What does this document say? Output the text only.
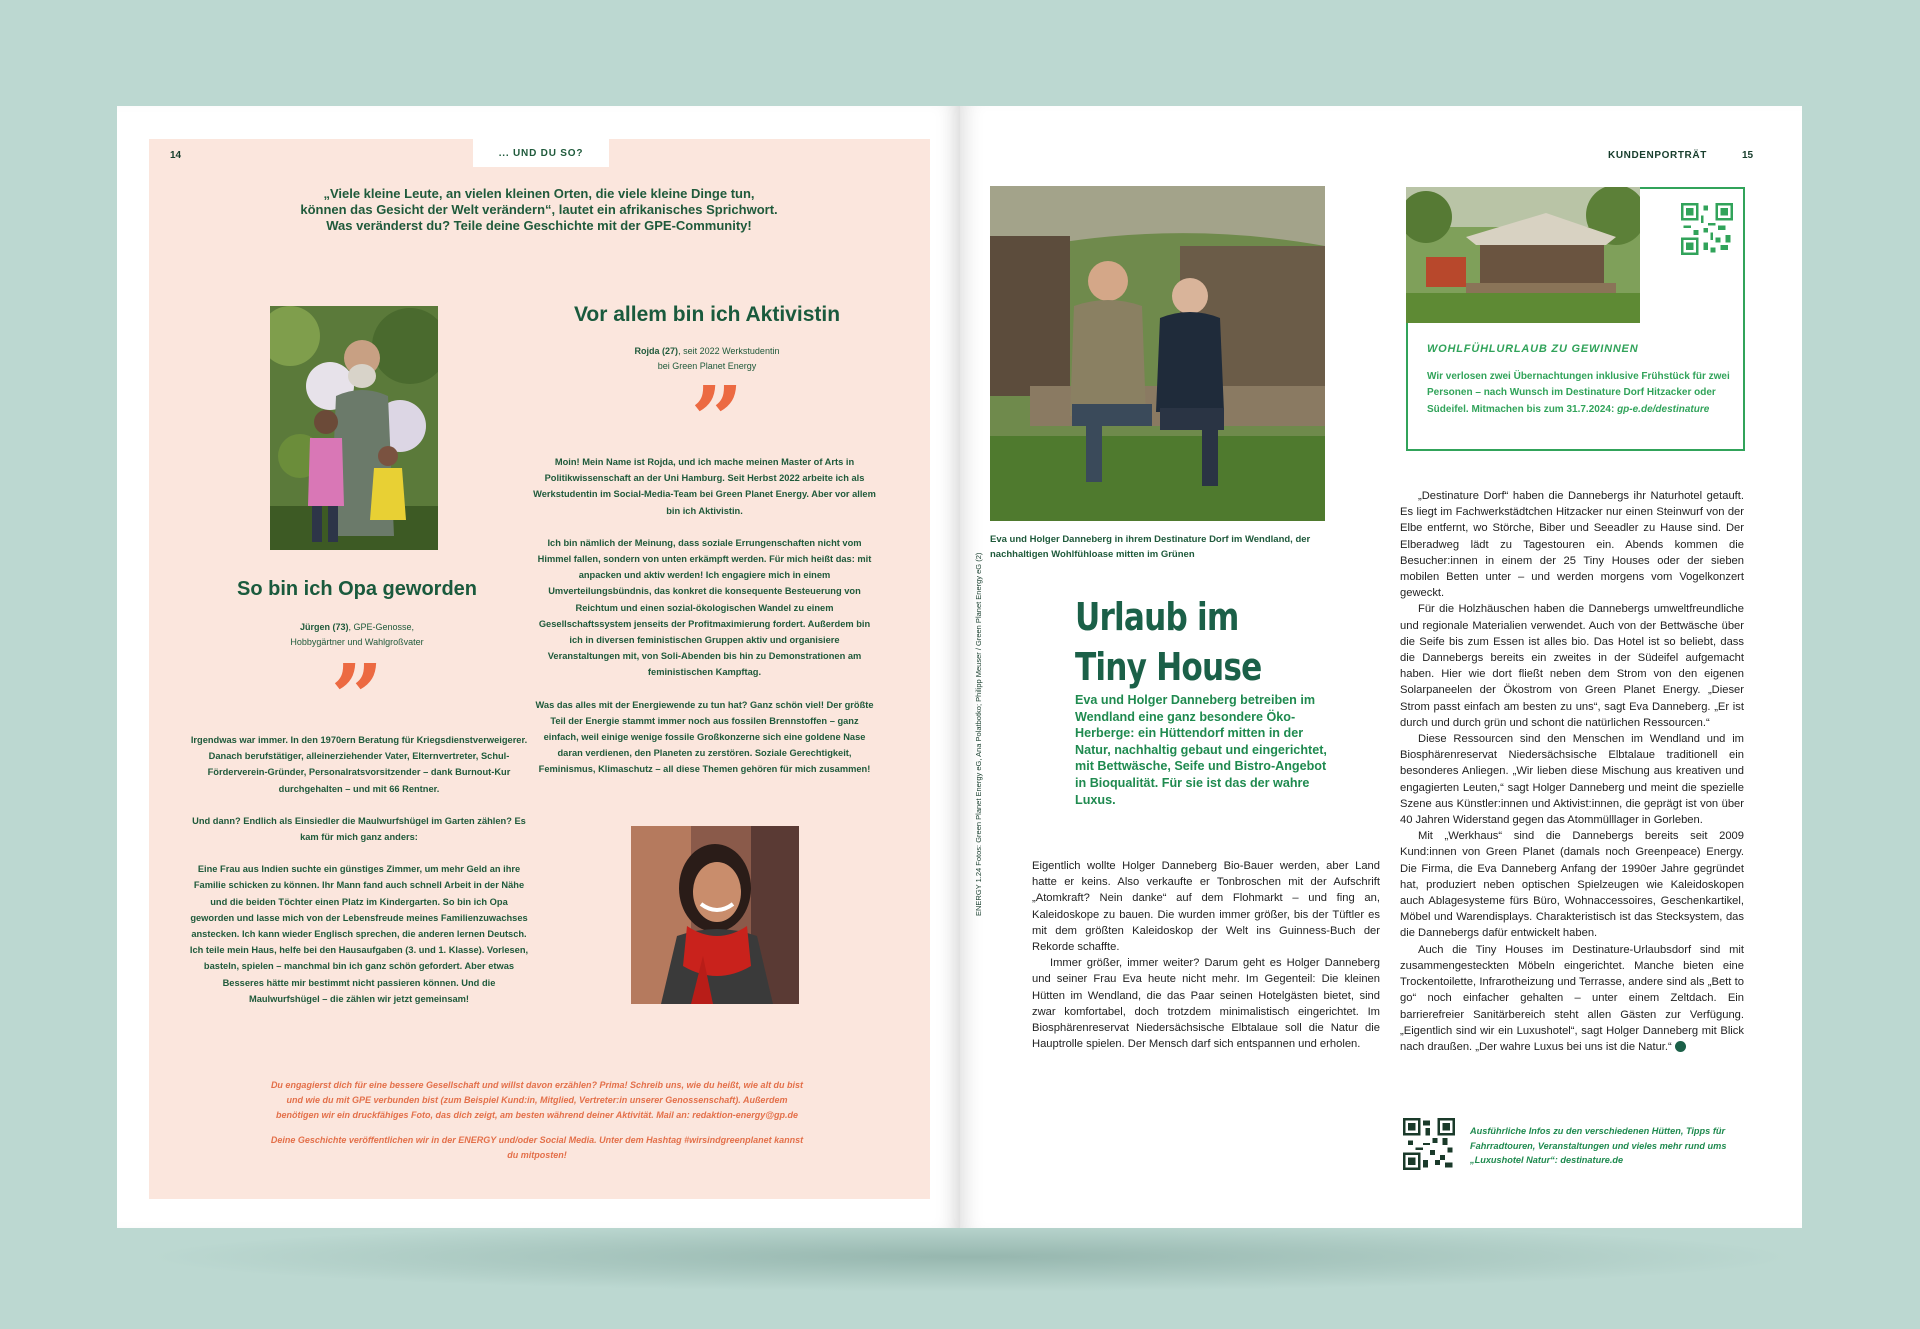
14	... UND DU SO?
„Viele kleine Leute, an vielen kleinen Orten, die viele kleine Dinge tun,
können das Gesicht der Welt verändern“, lautet ein afrikanisches Sprichwort.
Was veränderst du? Teile deine Geschichte mit der GPE-Community!
Vor allem bin ich Aktivistin
Rojda (27), seit 2022 Werkstudentin
bei Green Planet Energy
”

Moin! Mein Name ist Rojda, und ich mache meinen Master of Arts in Politikwissenschaft an der Uni Hamburg. Seit Herbst 2022 arbeite ich als Werkstudentin im Social-Media-Team bei Green Planet Energy. Aber vor allem bin ich Aktivistin.

Ich bin nämlich der Meinung, dass soziale Errungenschaften nicht vom Himmel fallen, sondern von unten erkämpft werden. Für mich heißt das: mit anpacken und aktiv werden! Ich engagiere mich in einem Umverteilungsbündnis, das konkret die konsequente Besteuerung von Reichtum und einen sozial-ökologischen Wandel zu einem Gesellschaftssystem jenseits der Profitmaximierung fordert. Außerdem bin ich in diversen feministischen Gruppen aktiv und organisiere Veranstaltungen mit, von Soli-Abenden bis hin zu Demonstrationen am feministischen Kampftag.

Was das alles mit der Energiewende zu tun hat? Ganz schön viel! Der größte Teil der Energie stammt immer noch aus fossilen Brennstoffen – ganz einfach, weil einige wenige fossile Großkonzerne sich eine goldene Nase daran verdienen, den Planeten zu zerstören. Soziale Gerechtigkeit, Feminismus, Klimaschutz – all diese Themen gehören für mich zusammen!

So bin ich Opa geworden
Jürgen (73), GPE-Genosse,
Hobbygärtner und Wahlgroßvater
”

Irgendwas war immer. In den 1970ern Beratung für Kriegsdienstverweigerer. Danach berufstätiger, alleinerziehender Vater, Elternvertreter, Schul-Förderverein-Gründer, Personalratsvorsitzender – dank Burnout-Kur durchgehalten – und mit 66 Rentner.

Und dann? Endlich als Einsiedler die Maulwurfshügel im Garten zählen? Es kam für mich ganz anders:

Eine Frau aus Indien suchte ein günstiges Zimmer, um mehr Geld an ihre Familie schicken zu können. Ihr Mann fand auch schnell Arbeit in der Nähe und die beiden Töchter einen Platz im Kindergarten. So bin ich Opa geworden und lasse mich von der Lebensfreude meines Familienzuwachses anstecken. Ich kann wieder Englisch sprechen, die anderen lernen Deutsch. Ich teile mein Haus, helfe bei den Hausaufgaben (3. und 1. Klasse). Vorlesen, basteln, spielen – manchmal bin ich ganz schön gefordert. Aber etwas Besseres hätte mir bestimmt nicht passieren können. Und die Maulwurfshügel – die zählen wir jetzt gemeinsam!

Du engagierst dich für eine bessere Gesellschaft und willst davon erzählen? Prima! Schreib uns, wie du heißt, wie alt du bist und wie du mit GPE verbunden bist (zum Beispiel Kund:in, Mitglied, Vertreter:in unserer Genossenschaft). Außerdem benötigen wir ein druckfähiges Foto, das dich zeigt, am besten während deiner Aktivität. Mail an: redaktion-energy@gp.de

Deine Geschichte veröffentlichen wir in der ENERGY und/oder Social Media. Unter dem Hashtag #wirsindgreenplanet kannst du mitposten!

KUNDENPORTRÄT	15
Eva und Holger Danneberg in ihrem Destinature Dorf im Wendland, der nachhaltigen Wohlfühloase mitten im Grünen
ENERGY 1.24 Fotos: Green Planet Energy eG, Ana Polatbotko; Philipp Meuser / Green Planet Energy eG (2) Urlaub im
Tiny House
Eva und Holger Danneberg betreiben im Wendland eine ganz besondere Öko-Herberge: ein Hüttendorf mitten in der Natur, nachhaltig gebaut und eingerichtet, mit Bettwäsche, Seife und Bistro-Angebot in Bioqualität. Für sie ist das der wahre Luxus.

Eigentlich wollte Holger Danneberg Bio-Bauer werden, aber Land hatte er keins. Also verkaufte er Tonbroschen mit der Aufschrift „Atomkraft? Nein danke“ auf dem Flohmarkt – und fing an, Kaleidoskope zu bauen. Die wurden immer größer, bis der Tüftler es mit dem größten Kaleidoskop der Welt ins Guinness-Buch der Rekorde schaffte.

Immer größer, immer weiter? Darum geht es Holger Danneberg und seiner Frau Eva heute nicht mehr. Im Gegenteil: Die kleinen Hütten im Wendland, die das Paar seinen Hotelgästen bietet, sind zwar komfortabel, doch trotzdem minimalistisch eingerichtet. Im Biosphärenreservat Niedersächsische Elbtalaue soll die Natur die Hauptrolle spielen. Der Mensch darf sich entspannen und erholen.

WOHLFÜHLURLAUB ZU GEWINNEN
Wir verlosen zwei Übernachtungen inklusive Frühstück für zwei Personen – nach Wunsch im Destinature Dorf Hitzacker oder Südeifel. Mitmachen bis zum 31.7.2024: gp-e.de/destinature

„Destinature Dorf“ haben die Dannebergs ihr Naturhotel getauft. Es liegt im Fachwerkstädtchen Hitzacker nur einen Steinwurf von der Elbe entfernt, wo Störche, Biber und Seeadler zu Hause sind. Der Elberadweg lädt zu Tagestouren ein. Abends kommen die Besucher:innen in einem der 25 Tiny Houses oder der sieben mobilen Betten unter – und werden morgens vom Vogelkonzert geweckt.

Für die Holzhäuschen haben die Dannebergs umweltfreundliche und regionale Materialien verwendet. Auch von der Bettwäsche über die Seife bis zum Essen ist alles bio. Das Hotel ist so beliebt, dass die Dannebergs bereits ein zweites in der Südeifel aufgemacht haben. Hier wie dort fließt neben dem Strom von den eigenen Solarpaneelen der Ökostrom von Green Planet Energy. „Dieser Strom passt einfach am besten zu uns“, sagt Eva Danneberg. „Er ist durch und durch grün und schont die natürlichen Ressourcen.“

Diese Ressourcen sind den Menschen im Wendland und im Biosphärenreservat Niedersächsische Elbtalaue traditionell ein besonderes Anliegen. „Wir lieben diese Mischung aus kreativen und engagierten Leuten,“ sagt Holger Danneberg und meint die spezielle Szene aus Künstler:innen und Aktivist:innen, die geprägt ist von über 40 Jahren Widerstand gegen das Atommülllager in Gorleben.

Mit „Werkhaus“ sind die Dannebergs bereits seit 2009 Kund:innen von Green Planet (damals noch Greenpeace) Energy. Die Firma, die Eva Danneberg Anfang der 1990er Jahre gegründet hat, produziert neben optischen Spielzeugen wie Kaleidoskopen auch Ablagesysteme fürs Büro, Wohnaccessoires, Geschenkartikel, Möbel und Warendisplays. Charakteristisch ist das Stecksystem, das die Dannebergs dafür entwickelt haben.

Auch die Tiny Houses im Destinature-Urlaubsdorf sind mit zusammengesteckten Möbeln eingerichtet. Manche bieten eine Trockentoilette, Infrarotheizung und Terrasse, andere sind als „Bett to go“ noch einfacher gehalten – unter einem Zeltdach. Ein barrierefreier Sanitärbereich steht allen Gästen zur Verfügung. „Eigentlich sind wir ein Luxushotel“, sagt Holger Danneberg mit Blick nach draußen. „Der wahre Luxus bei uns ist die Natur.“	‹

Ausführliche Infos zu den verschiedenen Hütten, Tipps für Fahrradtouren, Veranstaltungen und vieles mehr rund ums „Luxushotel Natur“: destinature.de
